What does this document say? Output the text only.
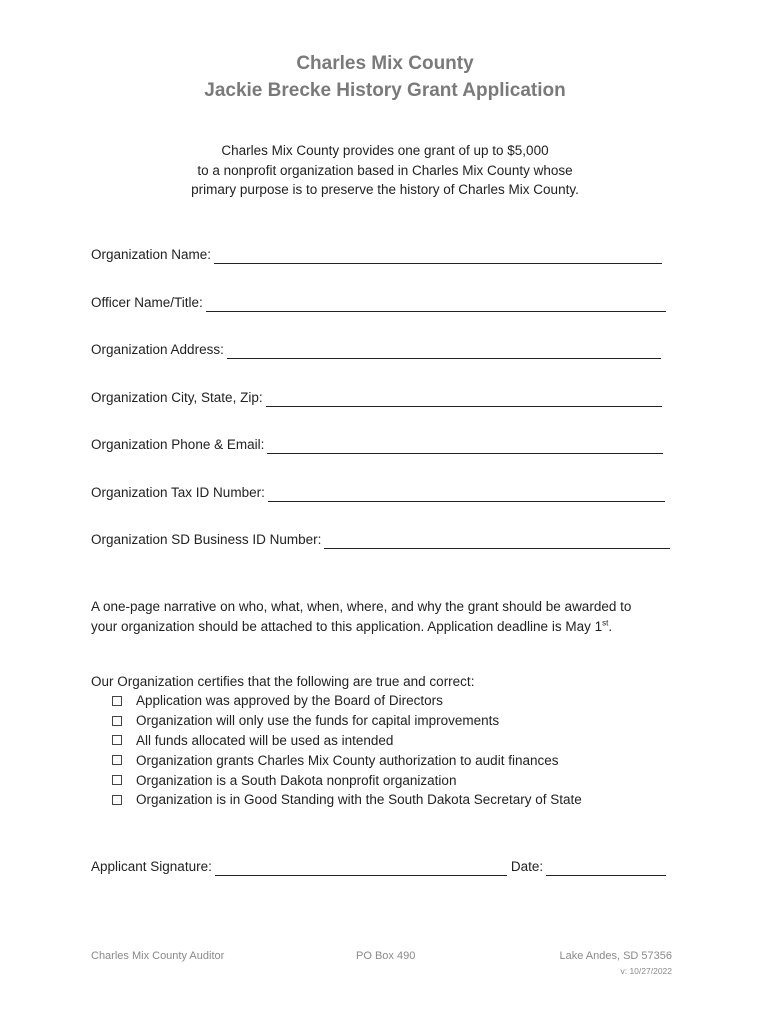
Charles Mix County
Jackie Brecke History Grant Application
Charles Mix County provides one grant of up to $5,000
to a nonprofit organization based in Charles Mix County whose
primary purpose is to preserve the history of Charles Mix County.
Organization Name:
Officer Name/Title:
Organization Address:
Organization City, State, Zip:
Organization Phone & Email:
Organization Tax ID Number:
Organization SD Business ID Number:
A one-page narrative on who, what, when, where, and why the grant should be awarded to
your organization should be attached to this application. Application deadline is May 1st.
Our Organization certifies that the following are true and correct:
Application was approved by the Board of Directors
Organization will only use the funds for capital improvements
All funds allocated will be used as intended
Organization grants Charles Mix County authorization to audit finances
Organization is a South Dakota nonprofit organization
Organization is in Good Standing with the South Dakota Secretary of State
Applicant Signature:	Date:
Charles Mix County Auditor	PO Box 490	Lake Andes, SD 57356
v: 10/27/2022
